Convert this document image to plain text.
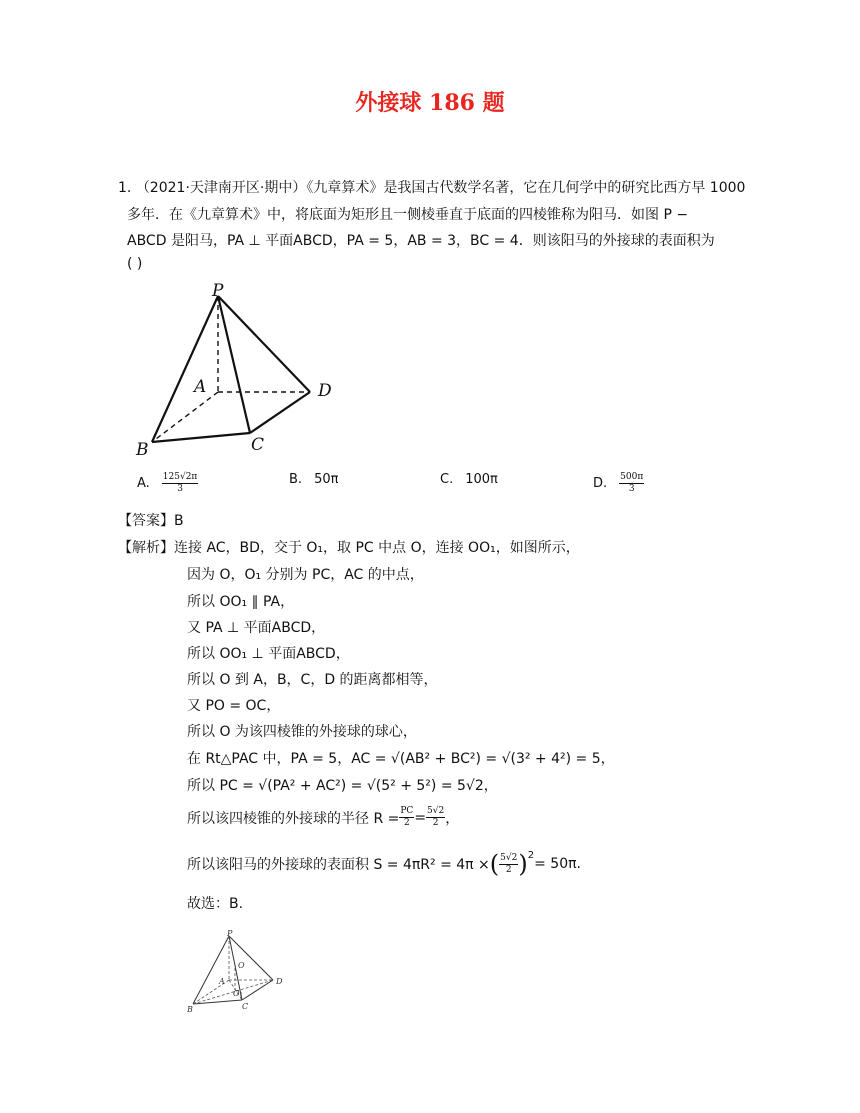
外接球 186 题
1. （2021·天津南开区·期中）《九章算术》是我国古代数学名著，它在几何学中的研究比西方早 1000
多年．在《九章算术》中，将底面为矩形且一侧棱垂直于底面的四棱锥称为阳马．如图 P −
ABCD 是阳马，PA ⊥ 平面ABCD，PA = 5，AB = 3，BC = 4．则该阳马的外接球的表面积为
( )
P
A	D
B	C
A. $\frac{125√2\pi}{3}$	B. 50π	C. 100π	D. $\frac{500\pi}{3}$
【答案】B
【解析】连接 AC，BD，交于 O₁，取 PC 中点 O，连接 OO₁，如图所示，
因为 O，O₁ 分别为 PC，AC 的中点，
所以 OO₁ ∥ PA，
又 PA ⊥ 平面ABCD，
所以 OO₁ ⊥ 平面ABCD，
所以 O 到 A，B，C，D 的距离都相等，
又 PO = OC，
所以 O 为该四棱锥的外接球的球心，
在 Rt△PAC 中，PA = 5，AC = √(AB² + BC²) = √(3² + 4²) = 5，
所以 PC = √(PA² + AC²) = √(5² + 5²) = 5√2，
所以该四棱锥的外接球的半径 $R = \frac{PC}{2} = \frac{5√2}{2}$ ，
所以该阳马的外接球的表面积 S = 4πR² = 4π × ( $\frac{5√2}{2} )^2$
= 50π.
故选：B.
P
O
A
O₁
D
B	C
